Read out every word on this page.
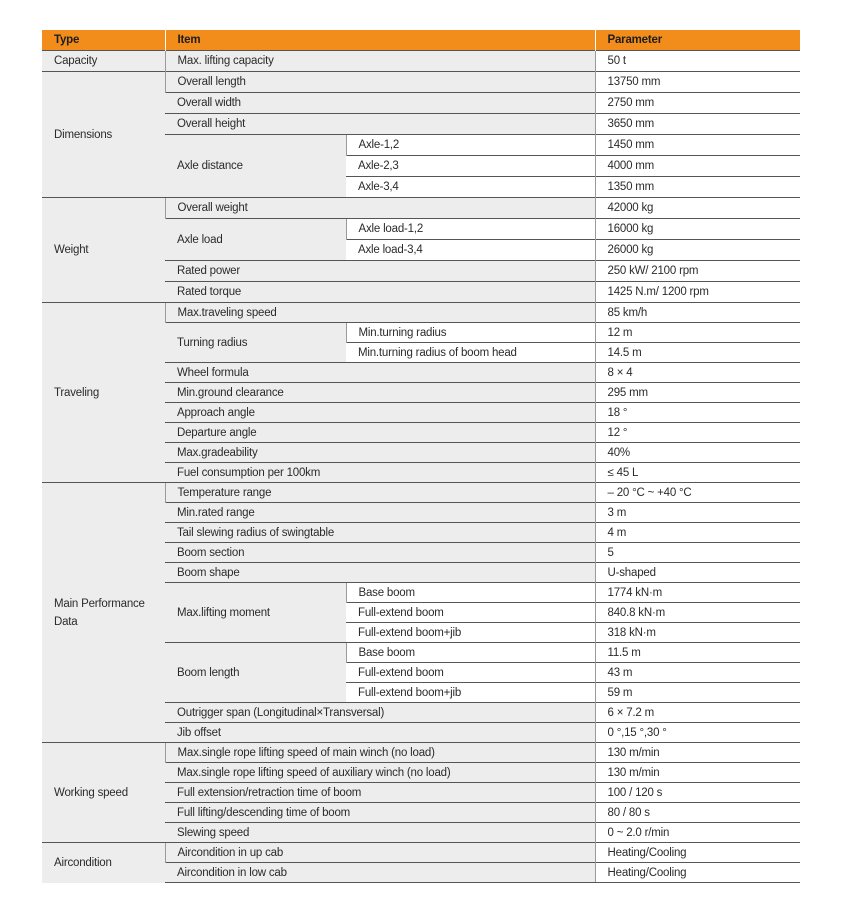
Type	Item		Parameter
Capacity	Max. lifting capacity		50 t
Dimensions	Overall length		13750 mm
	Overall width		2750 mm
	Overall height		3650 mm
	Axle distance	Axle-1,2	1450 mm
		Axle-2,3	4000 mm
		Axle-3,4	1350 mm
Weight	Overall weight		42000 kg
	Axle load	Axle load-1,2	16000 kg
		Axle load-3,4	26000 kg
	Rated power		250 kW/ 2100 rpm
	Rated torque		1425 N.m/ 1200 rpm
Traveling	Max.traveling speed		85 km/h
	Turning radius	Min.turning radius	12 m
		Min.turning radius of boom head	14.5 m
	Wheel formula		8 × 4
	Min.ground clearance		295 mm
	Approach angle		18 °
	Departure angle		12 °
	Max.gradeability		40%
	Fuel consumption per 100km		≤ 45 L
Main Performance
Data	Temperature range		– 20 °C ~ +40 °C
	Min.rated range		3 m
	Tail slewing radius of swingtable		4 m
	Boom section		5
	Boom shape		U-shaped
	Max.lifting moment	Base boom	1774 kN·m
		Full-extend boom	840.8 kN·m
		Full-extend boom+jib	318 kN·m
	Boom length	Base boom	11.5 m
		Full-extend boom	43 m
		Full-extend boom+jib	59 m
	Outrigger span (Longitudinal×Transversal)		6 × 7.2 m
	Jib offset		0 °,15 °,30 °
Working speed	Max.single rope lifting speed of main winch (no load)		130 m/min
	Max.single rope lifting speed of auxiliary winch (no load)		130 m/min
	Full extension/retraction time of boom		100 / 120 s
	Full lifting/descending time of boom		80 / 80 s
	Slewing speed		0 ~ 2.0 r/min
Aircondition	Aircondition in up cab		Heating/Cooling
	Aircondition in low cab		Heating/Cooling
